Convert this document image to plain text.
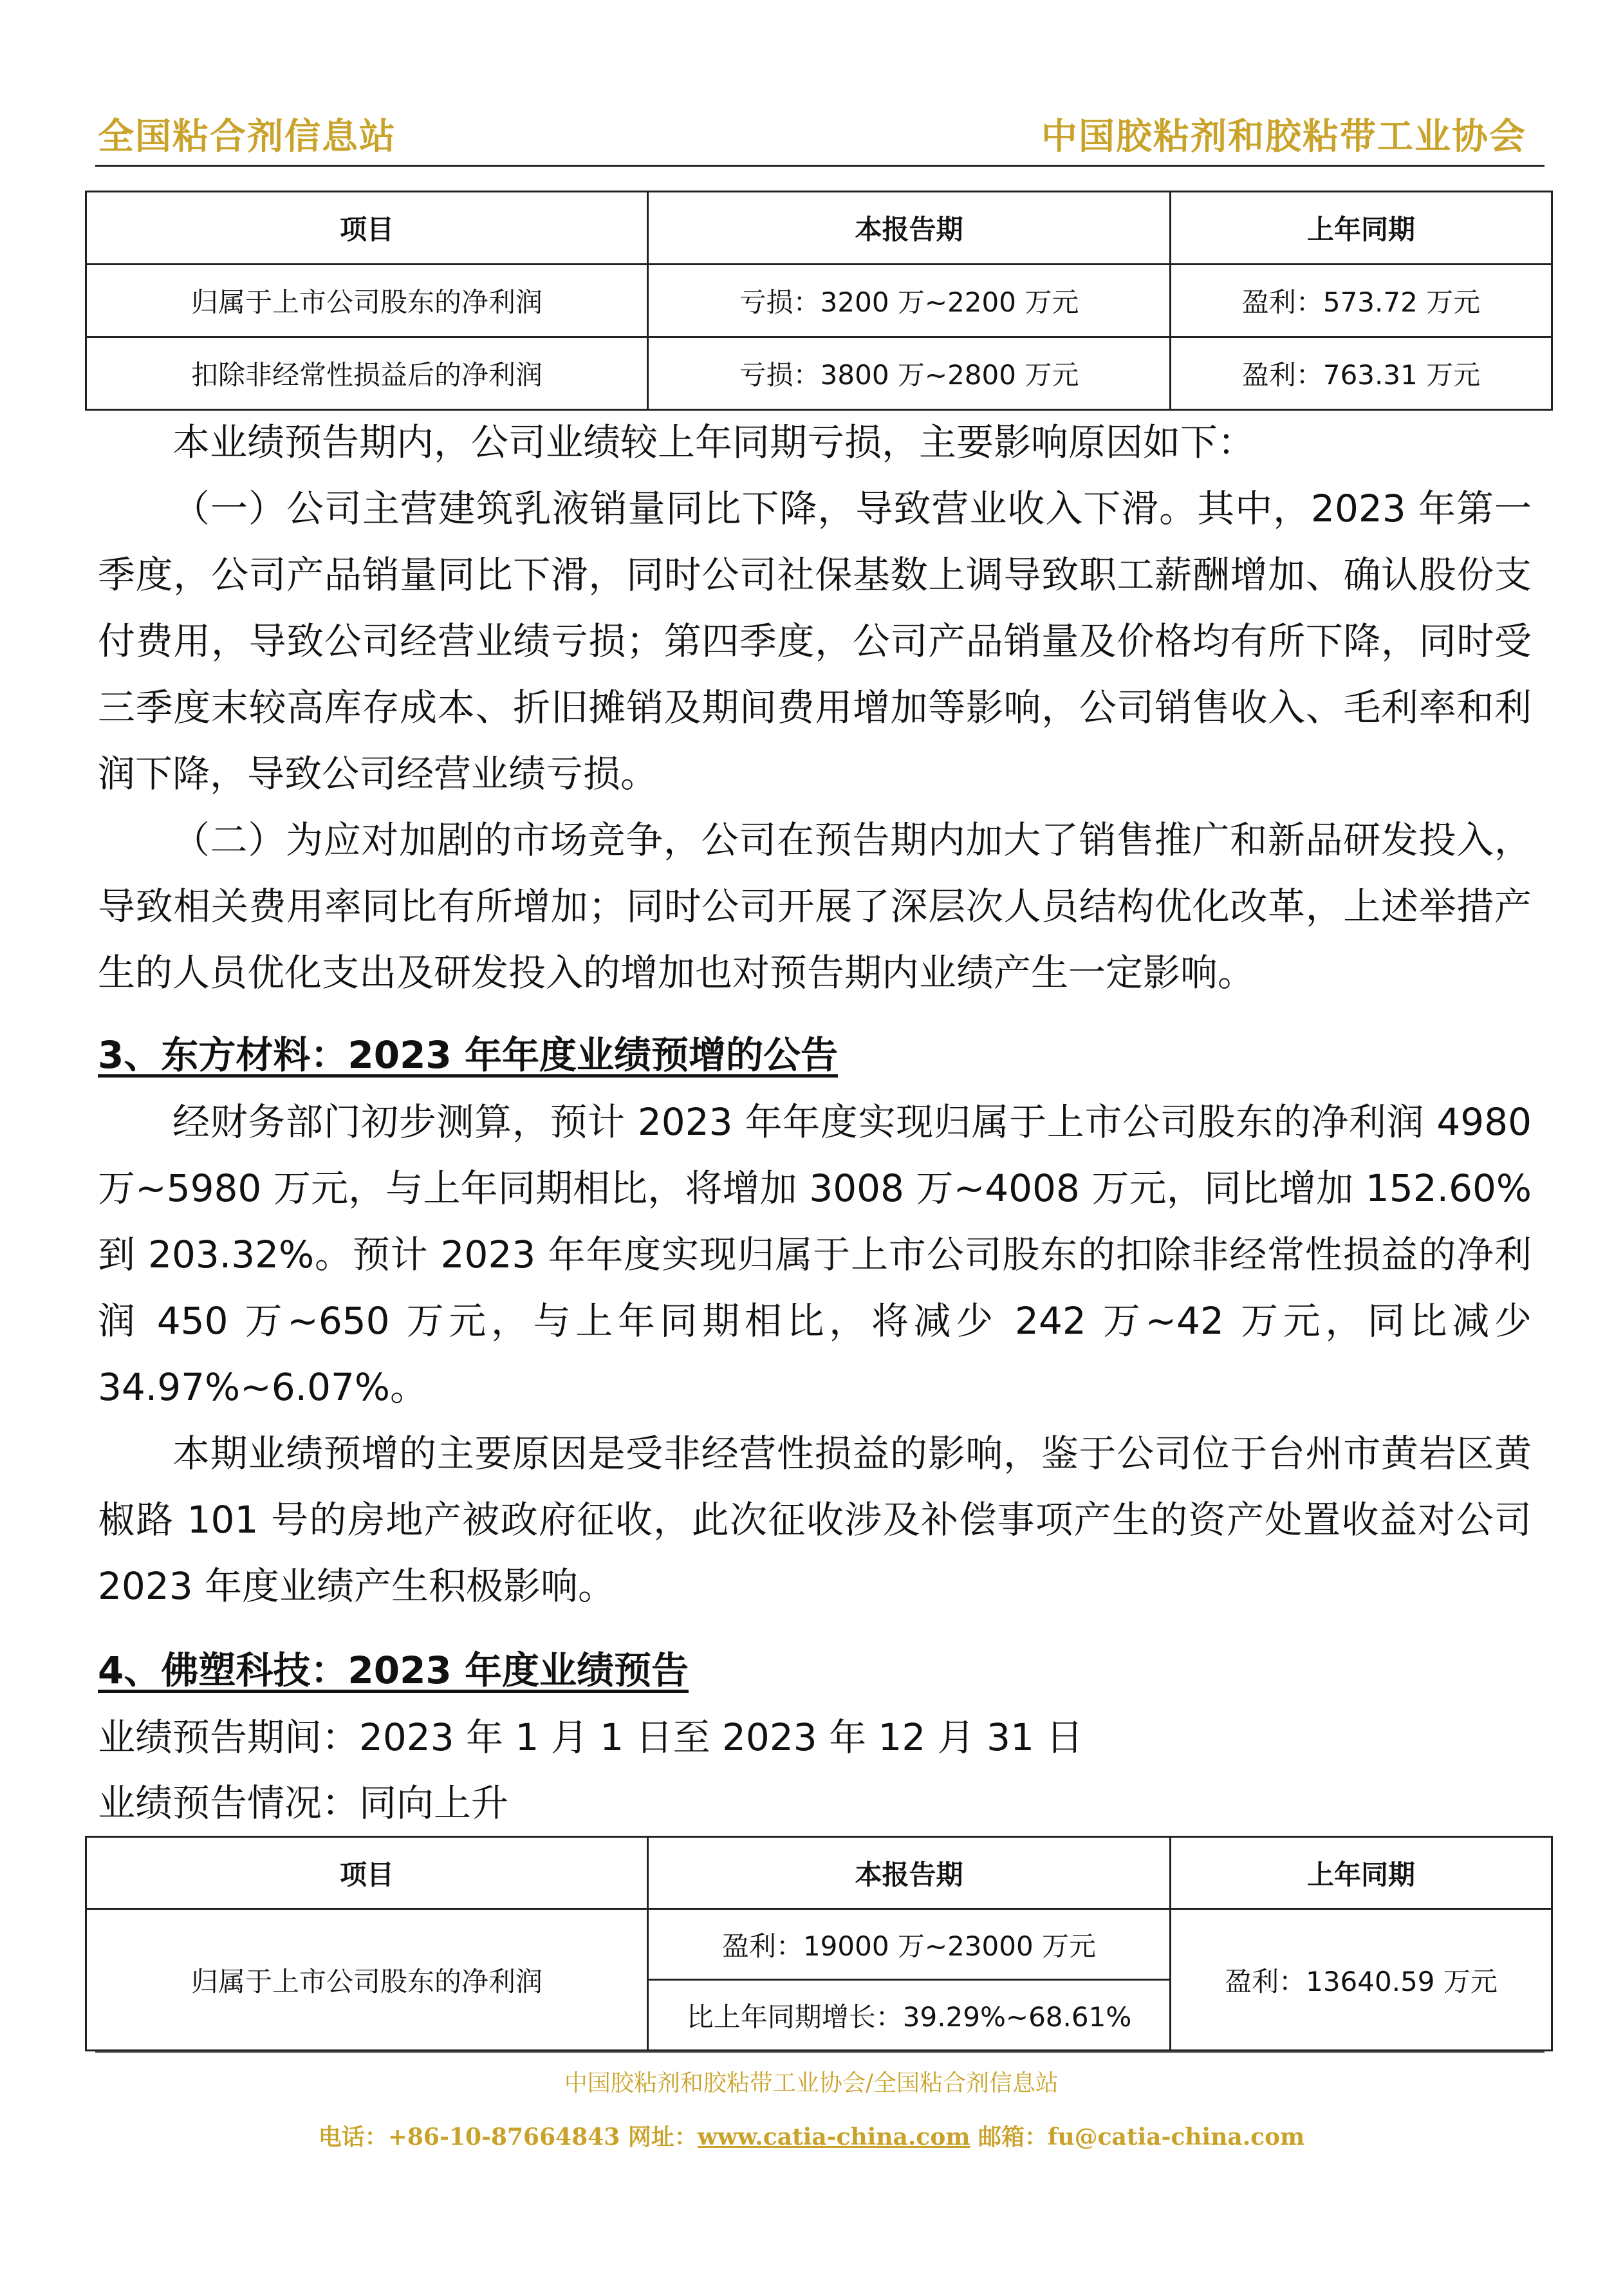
全国粘合剂信息站	中国胶粘剂和胶粘带工业协会
项目	本报告期	上年同期
归属于上市公司股东的净利润	亏损：3200 万~2200 万元	盈利：573.72 万元
扣除非经常性损益后的净利润	亏损：3800 万~2800 万元	盈利：763.31 万元

本业绩预告期内，公司业绩较上年同期亏损，主要影响原因如下：

（一）公司主营建筑乳液销量同比下降，导致营业收入下滑。其中，2023 年第一季度，公司产品销量同比下滑，同时公司社保基数上调导致职工薪酬增加、确认股份支付费用，导致公司经营业绩亏损；第四季度，公司产品销量及价格均有所下降，同时受三季度末较高库存成本、折旧摊销及期间费用增加等影响，公司销售收入、毛利率和利润下降，导致公司经营业绩亏损。

（二）为应对加剧的市场竞争，公司在预告期内加大了销售推广和新品研发投入，导致相关费用率同比有所增加；同时公司开展了深层次人员结构优化改革，上述举措产生的人员优化支出及研发投入的增加也对预告期内业绩产生一定影响。

3、东方材料：2023 年年度业绩预增的公告

经财务部门初步测算，预计 2023 年年度实现归属于上市公司股东的净利润 4980 万~5980 万元，与上年同期相比，将增加 3008 万~4008 万元，同比增加 152.60% 到 203.32%。预计 2023 年年度实现归属于上市公司股东的扣除非经常性损益的净利润 450 万~650 万元，与上年同期相比，将减少 242 万~42 万元，同比减少 34.97%~6.07%。

本期业绩预增的主要原因是受非经营性损益的影响，鉴于公司位于台州市黄岩区黄椒路 101 号的房地产被政府征收，此次征收涉及补偿事项产生的资产处置收益对公司 2023 年度业绩产生积极影响。

4、佛塑科技：2023 年度业绩预告

业绩预告期间：2023 年 1 月 1 日至 2023 年 12 月 31 日

业绩预告情况：同向上升

项目	本报告期	上年同期
归属于上市公司股东的净利润	盈利：19000 万~23000 万元	盈利：13640.59 万元
	比上年同期增长：39.29%~68.61%	
中国胶粘剂和胶粘带工业协会/全国粘合剂信息站
电话：+86-10-87664843 网址：www.catia-china.com 邮箱：fu@catia-china.com
